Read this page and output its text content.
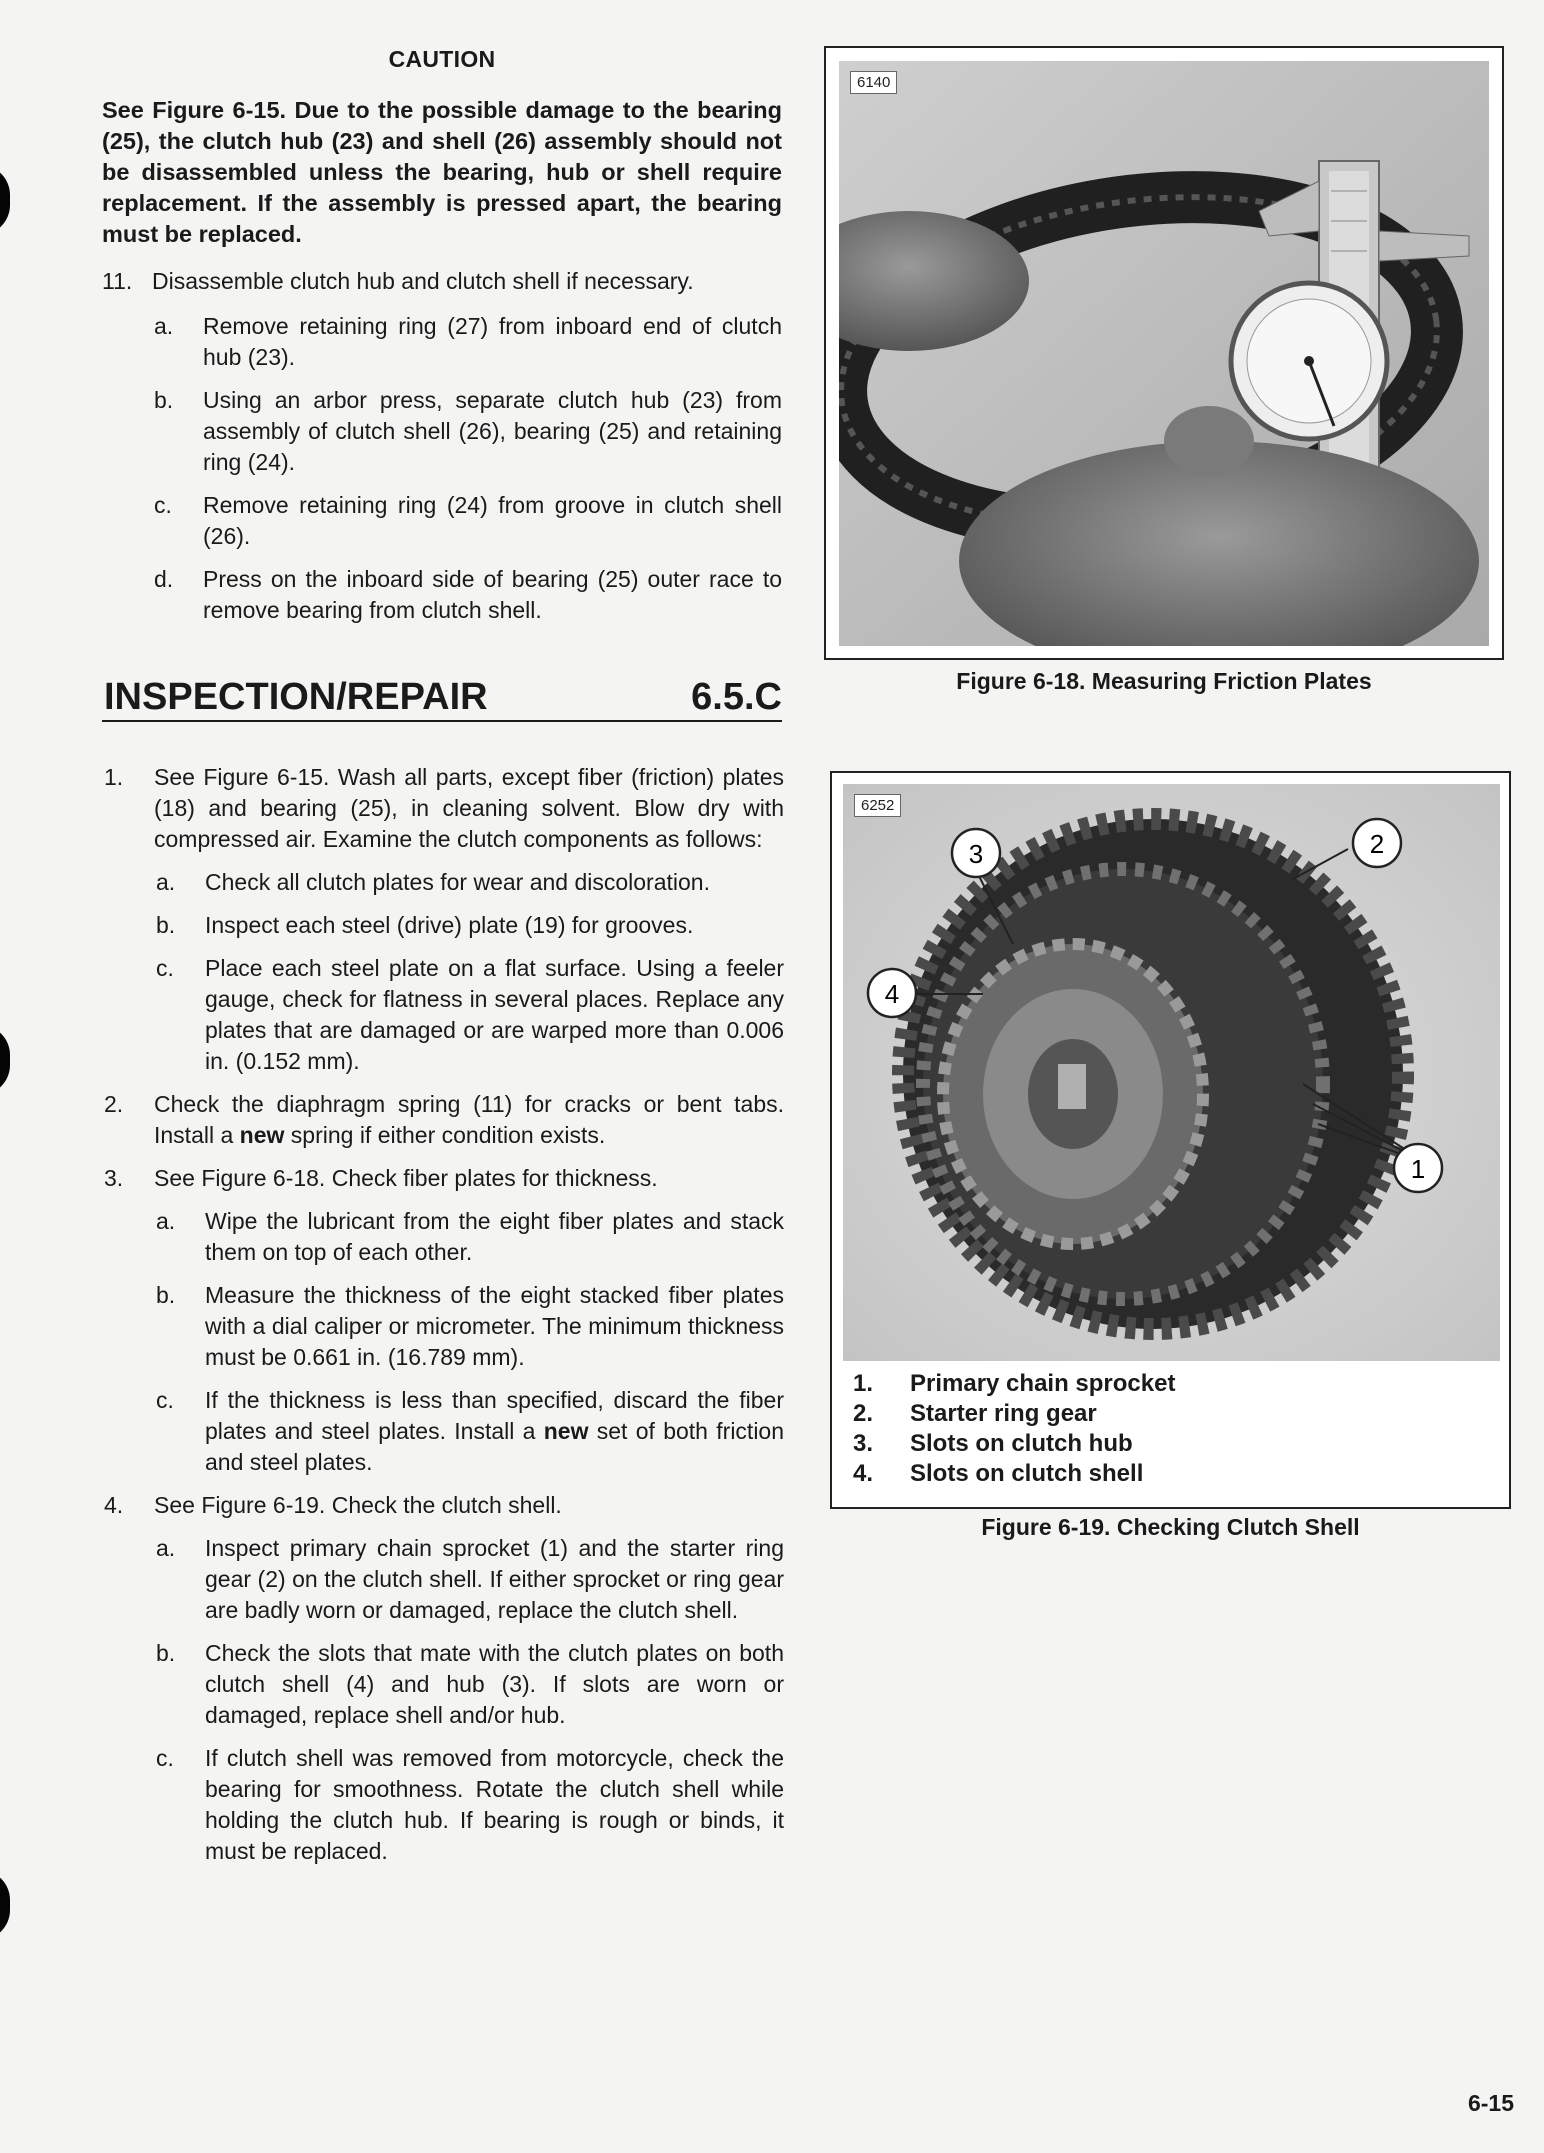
CAUTION
See Figure 6-15. Due to the possible damage to the bearing (25), the clutch hub (23) and shell (26) assembly should not be disassembled unless the bearing, hub or shell require replacement. If the assembly is pressed apart, the bearing must be replaced.
11. Disassemble clutch hub and clutch shell if necessary.
a. Remove retaining ring (27) from inboard end of clutch hub (23).
b. Using an arbor press, separate clutch hub (23) from assembly of clutch shell (26), bearing (25) and retaining ring (24).
c. Remove retaining ring (24) from groove in clutch shell (26).
d. Press on the inboard side of bearing (25) outer race to remove bearing from clutch shell.
INSPECTION/REPAIR	6.5.C
1. See Figure 6-15. Wash all parts, except fiber (friction) plates (18) and bearing (25), in cleaning solvent. Blow dry with compressed air. Examine the clutch components as follows:
a. Check all clutch plates for wear and discoloration.
b. Inspect each steel (drive) plate (19) for grooves.
c. Place each steel plate on a flat surface. Using a feeler gauge, check for flatness in several places. Replace any plates that are damaged or are warped more than 0.006 in. (0.152 mm).
2. Check the diaphragm spring (11) for cracks or bent tabs. Install a new spring if either condition exists.
3. See Figure 6-18. Check fiber plates for thickness.
a. Wipe the lubricant from the eight fiber plates and stack them on top of each other.
b. Measure the thickness of the eight stacked fiber plates with a dial caliper or micrometer. The minimum thickness must be 0.661 in. (16.789 mm).
c. If the thickness is less than specified, discard the fiber plates and steel plates. Install a new set of both friction and steel plates.
4. See Figure 6-19. Check the clutch shell.
a. Inspect primary chain sprocket (1) and the starter ring gear (2) on the clutch shell. If either sprocket or ring gear are badly worn or damaged, replace the clutch shell.
b. Check the slots that mate with the clutch plates on both clutch shell (4) and hub (3). If slots are worn or damaged, replace shell and/or hub.
c. If clutch shell was removed from motorcycle, check the bearing for smoothness. Rotate the clutch shell while holding the clutch hub. If bearing is rough or binds, it must be replaced.
6140
Figure 6-18. Measuring Friction Plates
6252
3	2
4
1
1. Primary chain sprocket
2. Starter ring gear
3. Slots on clutch hub
4. Slots on clutch shell
Figure 6-19. Checking Clutch Shell
6-15
